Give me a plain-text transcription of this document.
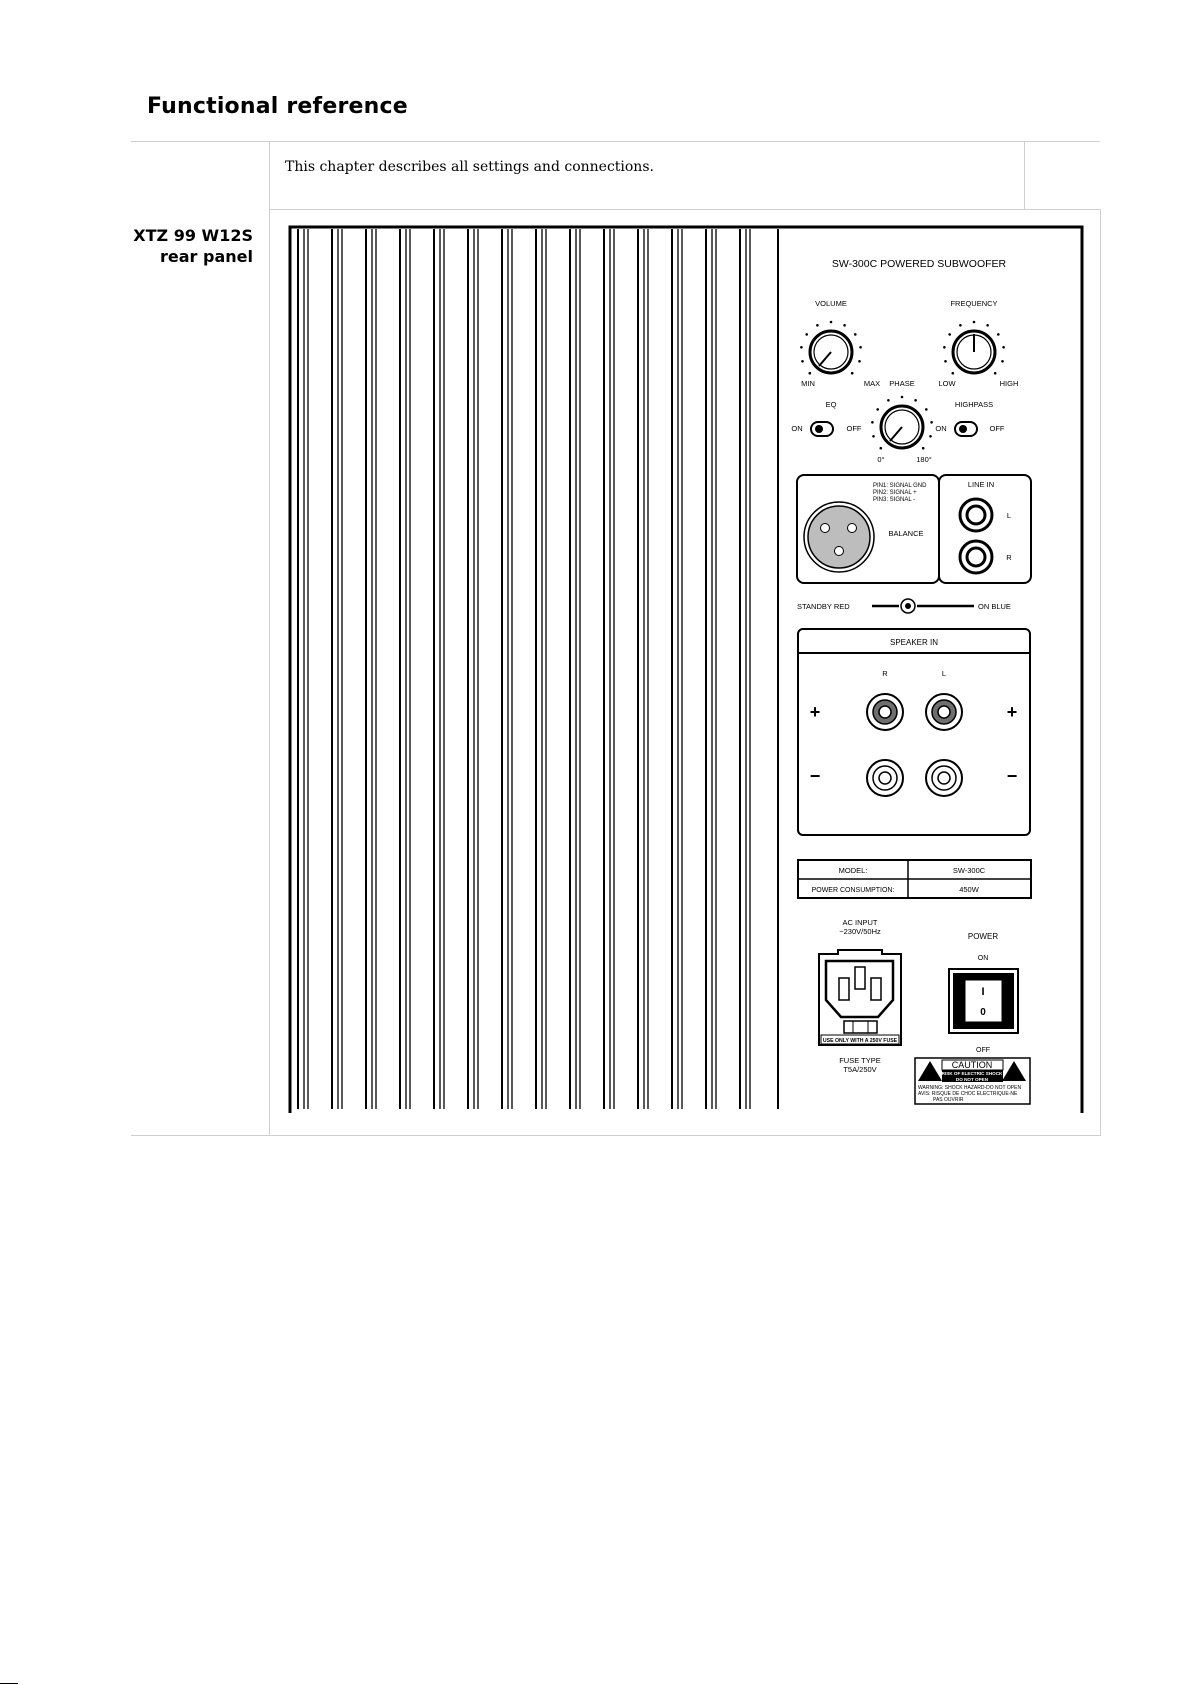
Functional reference
This chapter describes all settings and connections.
XTZ 99 W12S
rear panel	SW-300C POWERED SUBWOOFER
VOLUME
MIN	MAX
FREQUENCY
LOW	HIGH
PHASE
0°	180°
EQ
ON	OFF
HIGHPASS
ON	OFF
PIN1: SIGNAL GND
PIN2: SIGNAL +
PIN3: SIGNAL -
BALANCE
LINE IN
L
R
STANDBY RED	ON BLUE
SPEAKER IN
R	L
+	+
−	−
MODEL:	SW-300C
POWER CONSUMPTION:	450W
AC INPUT
~230V/50Hz
USE ONLY WITH A 250V FUSE
FUSE TYPE
T5A/250V
POWER
ON
I
0
OFF
CAUTION
RISK OF ELECTRIC SHOCK
DO NOT OPEN
WARNING: SHOCK HAZARD-DO NOT OPEN
AVIS: RISQUE DE CHOC ELECTRIQUE-NE
PAS OUVRIR
